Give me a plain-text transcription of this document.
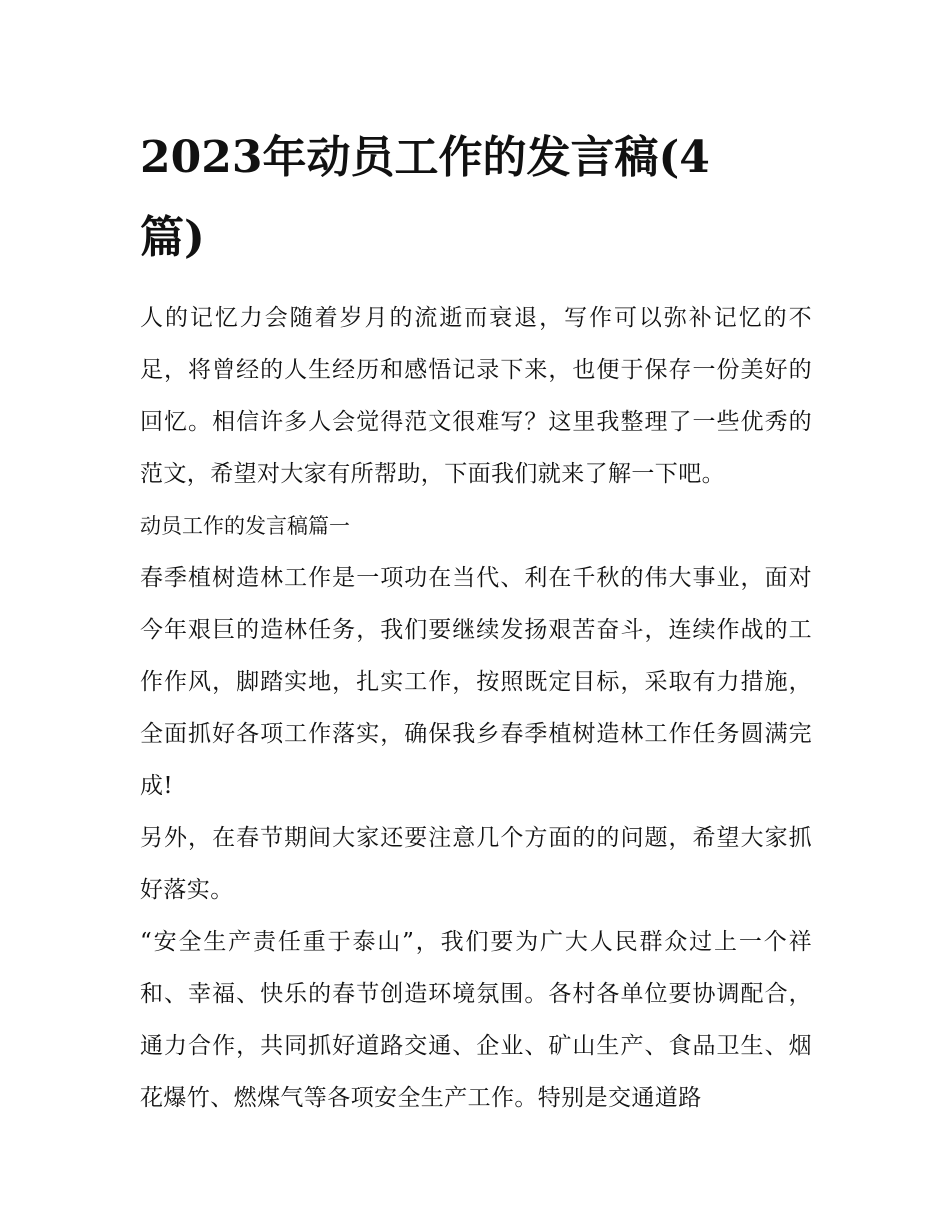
2023年动员工作的发言稿(4篇)

人的记忆力会随着岁月的流逝而衰退，写作可以弥补记忆的不足，将曾经的人生经历和感悟记录下来，也便于保存一份美好的回忆。相信许多人会觉得范文很难写？这里我整理了一些优秀的范文，希望对大家有所帮助，下面我们就来了解一下吧。

动员工作的发言稿篇一

春季植树造林工作是一项功在当代、利在千秋的伟大事业，面对今年艰巨的造林任务，我们要继续发扬艰苦奋斗，连续作战的工作作风，脚踏实地，扎实工作，按照既定目标，采取有力措施，全面抓好各项工作落实，确保我乡春季植树造林工作任务圆满完成!

另外，在春节期间大家还要注意几个方面的的问题，希望大家抓好落实。

“安全生产责任重于泰山”，我们要为广大人民群众过上一个祥和、幸福、快乐的春节创造环境氛围。各村各单位要协调配合，通力合作，共同抓好道路交通、企业、矿山生产、食品卫生、烟花爆竹、燃煤气等各项安全生产工作。特别是交通道路
